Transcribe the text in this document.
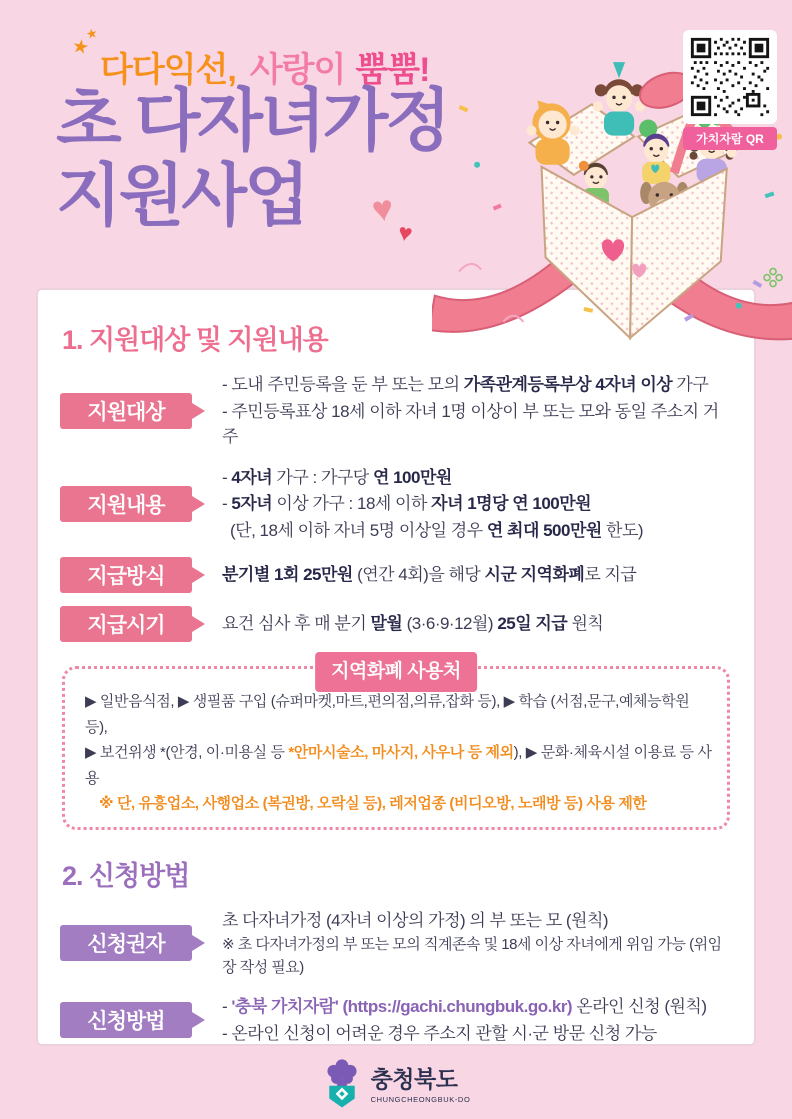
★
★
다다익선, 사랑이 뿜뿜!
초 다자녀가정
지원사업	♥
♥
가치자람 QR
1. 지원대상 및 지원내용
지원대상
- 도내 주민등록을 둔 부 또는 모의 가족관계등록부상 4자녀 이상 가구
- 주민등록표상 18세 이하 자녀 1명 이상이 부 또는 모와 동일 주소지 거주
지원내용
- 4자녀 가구 : 가구당 연 100만원
- 5자녀 이상 가구 : 18세 이하 자녀 1명당 연 100만원
(단, 18세 이하 자녀 5명 이상일 경우 연 최대 500만원 한도)
지급방식	분기별 1회 25만원 (연간 4회)을 해당 시군 지역화폐로 지급
지급시기	요건 심사 후 매 분기 말월 (3·6·9·12월) 25일 지급 원칙
지역화폐 사용처
▶ 일반음식점, ▶ 생필품 구입 (슈퍼마켓,마트,편의점,의류,잡화 등), ▶ 학습 (서점,문구,예체능학원 등),
▶ 보건위생 *(안경, 이·미용실 등 *안마시술소, 마사지, 사우나 등 제외), ▶ 문화·체육시설 이용료 등 사용
※ 단, 유흥업소, 사행업소 (복권방, 오락실 등), 레저업종 (비디오방, 노래방 등) 사용 제한
2. 신청방법
신청권자
초 다자녀가정 (4자녀 이상의 가정) 의 부 또는 모 (원칙)
※ 초 다자녀가정의 부 또는 모의 직계존속 및 18세 이상 자녀에게 위임 가능 (위임장 작성 필요)
신청방법
- '충북 가치자람' (https://gachi.chungbuk.go.kr) 온라인 신청 (원칙)
- 온라인 신청이 어려운 경우 주소지 관할 시·군 방문 신청 가능

충청북도
CHUNGCHEONGBUK-DO
